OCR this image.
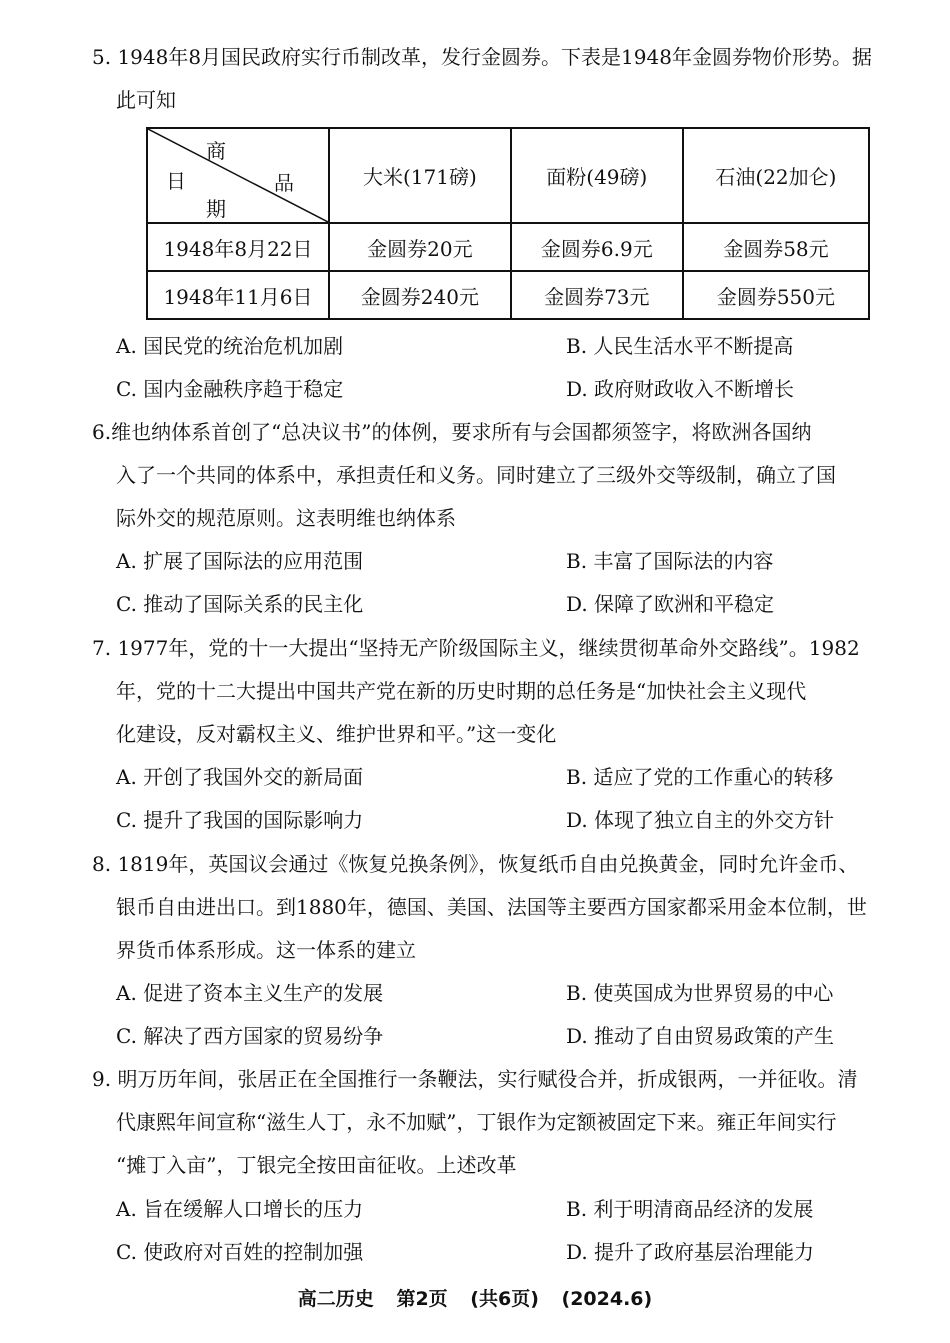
5. 1948年8月国民政府实行币制改革，发行金圆券。下表是1948年金圆券物价形势。据
此可知
商
品
日
期	大米(171磅)	面粉(49磅)	石油(22加仑)
1948年8月22日	金圆券20元	金圆券6.9元	金圆券58元
1948年11月6日	金圆券240元	金圆券73元	金圆券550元
A. 国民党的统治危机加剧	B. 人民生活水平不断提高
C. 国内金融秩序趋于稳定	D. 政府财政收入不断增长
6.维也纳体系首创了“总决议书”的体例，要求所有与会国都须签字，将欧洲各国纳
入了一个共同的体系中，承担责任和义务。同时建立了三级外交等级制，确立了国
际外交的规范原则。这表明维也纳体系
A. 扩展了国际法的应用范围	B. 丰富了国际法的内容
C. 推动了国际关系的民主化	D. 保障了欧洲和平稳定
7. 1977年，党的十一大提出“坚持无产阶级国际主义，继续贯彻革命外交路线”。1982
年，党的十二大提出中国共产党在新的历史时期的总任务是“加快社会主义现代
化建设，反对霸权主义、维护世界和平。”这一变化
A. 开创了我国外交的新局面	B. 适应了党的工作重心的转移
C. 提升了我国的国际影响力	D. 体现了独立自主的外交方针
8. 1819年，英国议会通过《恢复兑换条例》，恢复纸币自由兑换黄金，同时允许金币、
银币自由进出口。到1880年，德国、美国、法国等主要西方国家都采用金本位制，世
界货币体系形成。这一体系的建立
A. 促进了资本主义生产的发展	B. 使英国成为世界贸易的中心
C. 解决了西方国家的贸易纷争	D. 推动了自由贸易政策的产生
9. 明万历年间，张居正在全国推行一条鞭法，实行赋役合并，折成银两，一并征收。清
代康熙年间宣称“滋生人丁，永不加赋”，丁银作为定额被固定下来。雍正年间实行
“摊丁入亩”，丁银完全按田亩征收。上述改革
A. 旨在缓解人口增长的压力	B. 利于明清商品经济的发展
C. 使政府对百姓的控制加强	D. 提升了政府基层治理能力
高二历史 第2页 (共6页) (2024.6)
